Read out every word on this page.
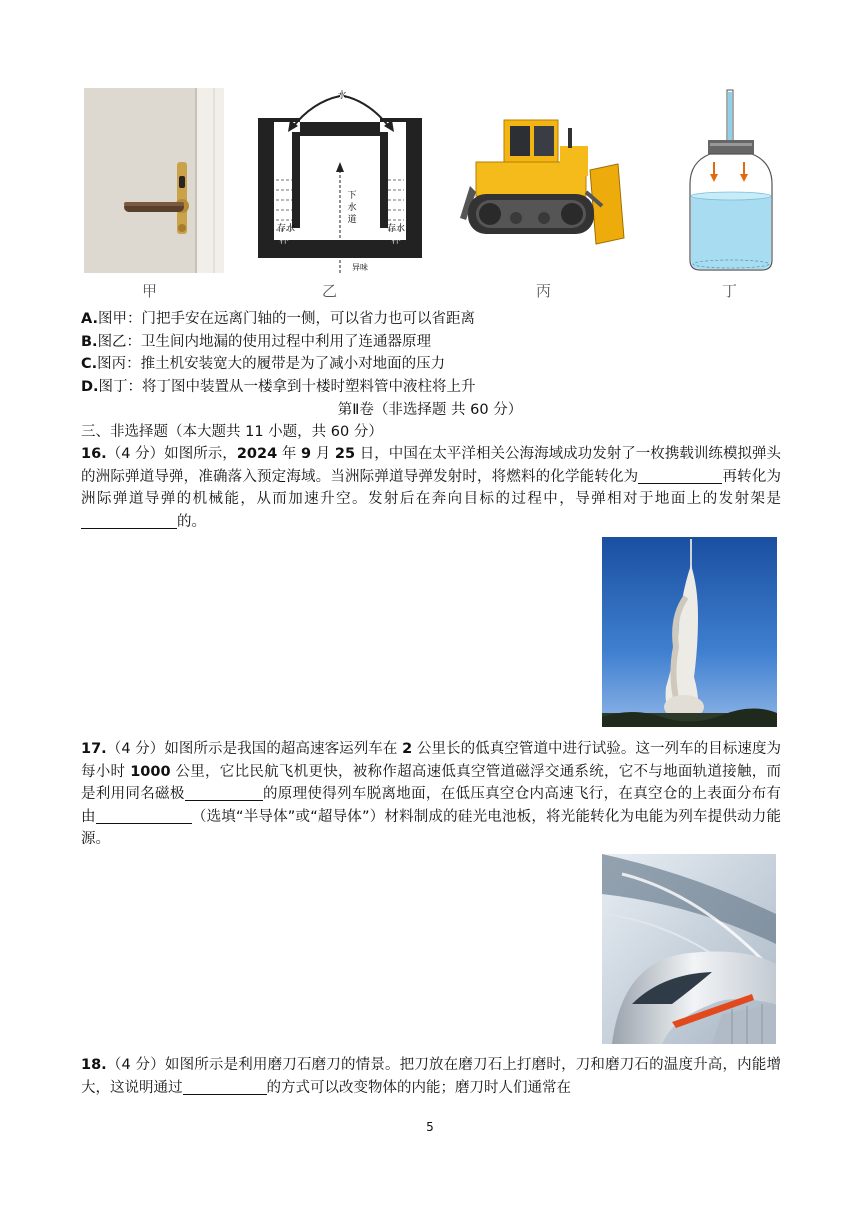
甲
水
存水
杯
存水
杯
下
水
道
异味
乙	丙	丁
A.图甲：门把手安在远离门轴的一侧，可以省力也可以省距离
B.图乙：卫生间内地漏的使用过程中利用了连通器原理
C.图丙：推土机安装宽大的履带是为了减小对地面的压力
D.图丁：将丁图中装置从一楼拿到十楼时塑料管中液柱将上升
第Ⅱ卷（非选择题 共 60 分）
三、非选择题（本大题共 11 小题，共 60 分）
16.（4 分）如图所示，2024 年 9 月 25 日，中国在太平洋相关公海海域成功发射了一枚携载训练模拟弹头的洲际弹道导弹，准确落入预定海域。当洲际弹道导弹发射时，将燃料的化学能转化为	再转化为洲际弹道导弹的机械能，从而加速升空。发射后在奔向目标的过程中，导弹相对于地面上的发射架是的。
17.（4 分）如图所示是我国的超高速客运列车在 2 公里长的低真空管道中进行试验。这一列车的目标速度为每小时 1000 公里，它比民航飞机更快，被称作超高速低真空管道磁浮交通系统，它不与地面轨道接触，而是利用同名磁极	的原理使得列车脱离地面，在低压真空仓内高速飞行，在真空仓的上表面分布有由	（选填“半导体”或“超导体”）材料制成的硅光电池板，将光能转化为电能为列车提供动力能源。
18.（4 分）如图所示是利用磨刀石磨刀的情景。把刀放在磨刀石上打磨时，刀和磨刀石的温度升高，内能增大，这说明通过	的方式可以改变物体的内能；磨刀时人们通常在
5
